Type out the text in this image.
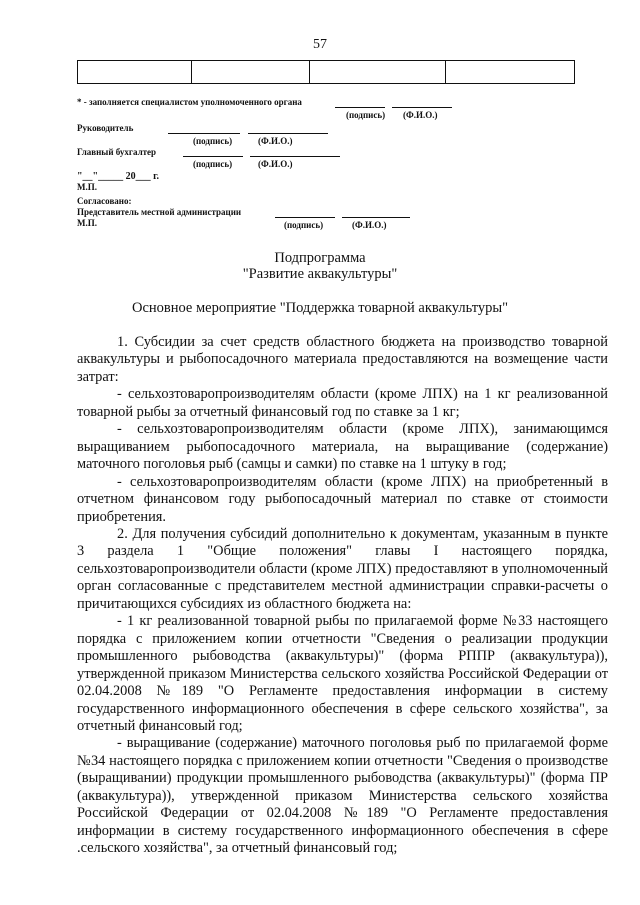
57

* - заполняется специалистом уполномоченного органа
(подпись) (Ф.И.О.)
Руководитель
(подпись)	(Ф.И.О.)
Главный бухгалтер
(подпись)	(Ф.И.О.)
"__"_____ 20___ г.
М.П.
Согласовано:
Представитель местной администрации
М.П.	(подпись)	(Ф.И.О.)
Подпрограмма
"Развитие аквакультуры"
Основное мероприятие "Поддержка товарной аквакультуры"

1. Субсидии за счет средств областного бюджета на производство товарной аквакультуры и рыбопосадочного материала предоставляются на возмещение части затрат:

- сельхозтоваропроизводителям области (кроме ЛПХ) на 1 кг реализованной товарной рыбы за отчетный финансовый год по ставке за 1 кг;

- сельхозтоваропроизводителям области (кроме ЛПХ), занимающимся выращиванием рыбопосадочного материала, на выращивание (содержание) маточного поголовья рыб (самцы и самки) по ставке на 1 штуку в год;

- сельхозтоваропроизводителям области (кроме ЛПХ) на приобретенный в отчетном финансовом году рыбопосадочный материал по ставке от стоимости приобретения.

2. Для получения субсидий дополнительно к документам, указанным в пункте 3 раздела 1 "Общие положения" главы I настоящего порядка, сельхозтоваропроизводители области (кроме ЛПХ) предоставляют в уполномоченный орган согласованные с представителем местной администрации справки-расчеты о причитающихся субсидиях из областного бюджета на:

- 1 кг реализованной товарной рыбы по прилагаемой форме №33 настоящего порядка с приложением копии отчетности "Сведения о реализации продукции промышленного рыбоводства (аквакультуры)" (форма РППР (аквакультура)), утвержденной приказом Министерства сельского хозяйства Российской Федерации от 02.04.2008 №189 "О Регламенте предоставления информации в систему государственного информационного обеспечения в сфере сельского хозяйства", за отчетный финансовый год;

- выращивание (содержание) маточного поголовья рыб по прилагаемой форме №34 настоящего порядка с приложением копии отчетности "Сведения о производстве (выращивании) продукции промышленного рыбоводства (аквакультуры)" (форма ПР (аквакультура)), утвержденной приказом Министерства сельского хозяйства Российской Федерации от 02.04.2008 №189 "О Регламенте предоставления информации в систему государственного информационного обеспечения в сфере .сельского хозяйства", за отчетный финансовый год;
